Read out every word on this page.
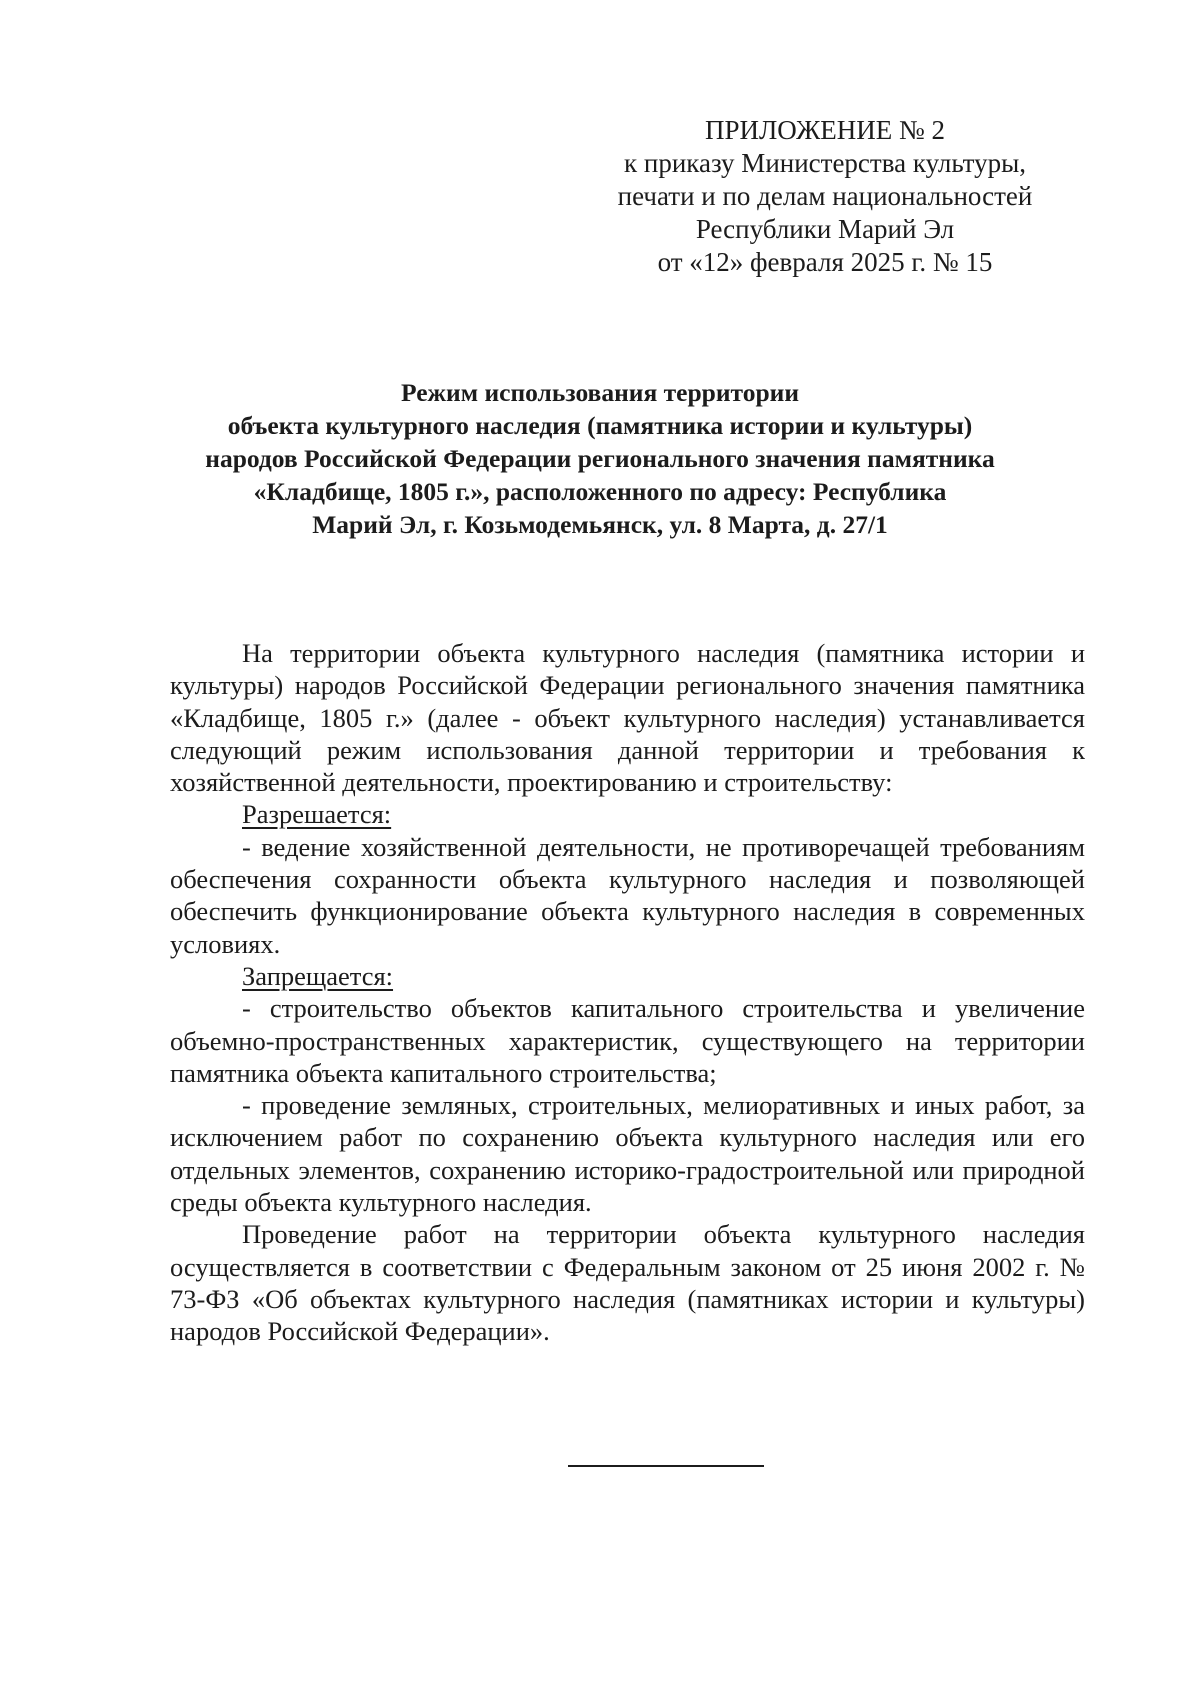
ПРИЛОЖЕНИЕ № 2
к приказу Министерства культуры,
печати и по делам национальностей
Республики Марий Эл
от «12» февраля 2025 г. № 15
Режим использования территории
объекта культурного наследия (памятника истории и культуры)
народов Российской Федерации регионального значения памятника
«Кладбище, 1805 г.», расположенного по адресу: Республика
Марий Эл, г. Козьмодемьянск, ул. 8 Марта, д. 27/1

На территории объекта культурного наследия (памятника истории и культуры) народов Российской Федерации регионального значения памятника «Кладбище, 1805 г.» (далее - объект культурного наследия) устанавливается следующий режим использования данной территории и требования к хозяйственной деятельности, проектированию и строительству:

Разрешается:

- ведение хозяйственной деятельности, не противоречащей требованиям обеспечения сохранности объекта культурного наследия и позволяющей обеспечить функционирование объекта культурного наследия в современных условиях.

Запрещается:

- строительство объектов капитального строительства и увеличение объемно-пространственных характеристик, существующего на территории памятника объекта капитального строительства;

- проведение земляных, строительных, мелиоративных и иных работ, за исключением работ по сохранению объекта культурного наследия или его отдельных элементов, сохранению историко-градостроительной или природной среды объекта культурного наследия.

Проведение работ на территории объекта культурного наследия осуществляется в соответствии с Федеральным законом от 25 июня 2002 г. № 73-ФЗ «Об объектах культурного наследия (памятниках истории и культуры) народов Российской Федерации».
